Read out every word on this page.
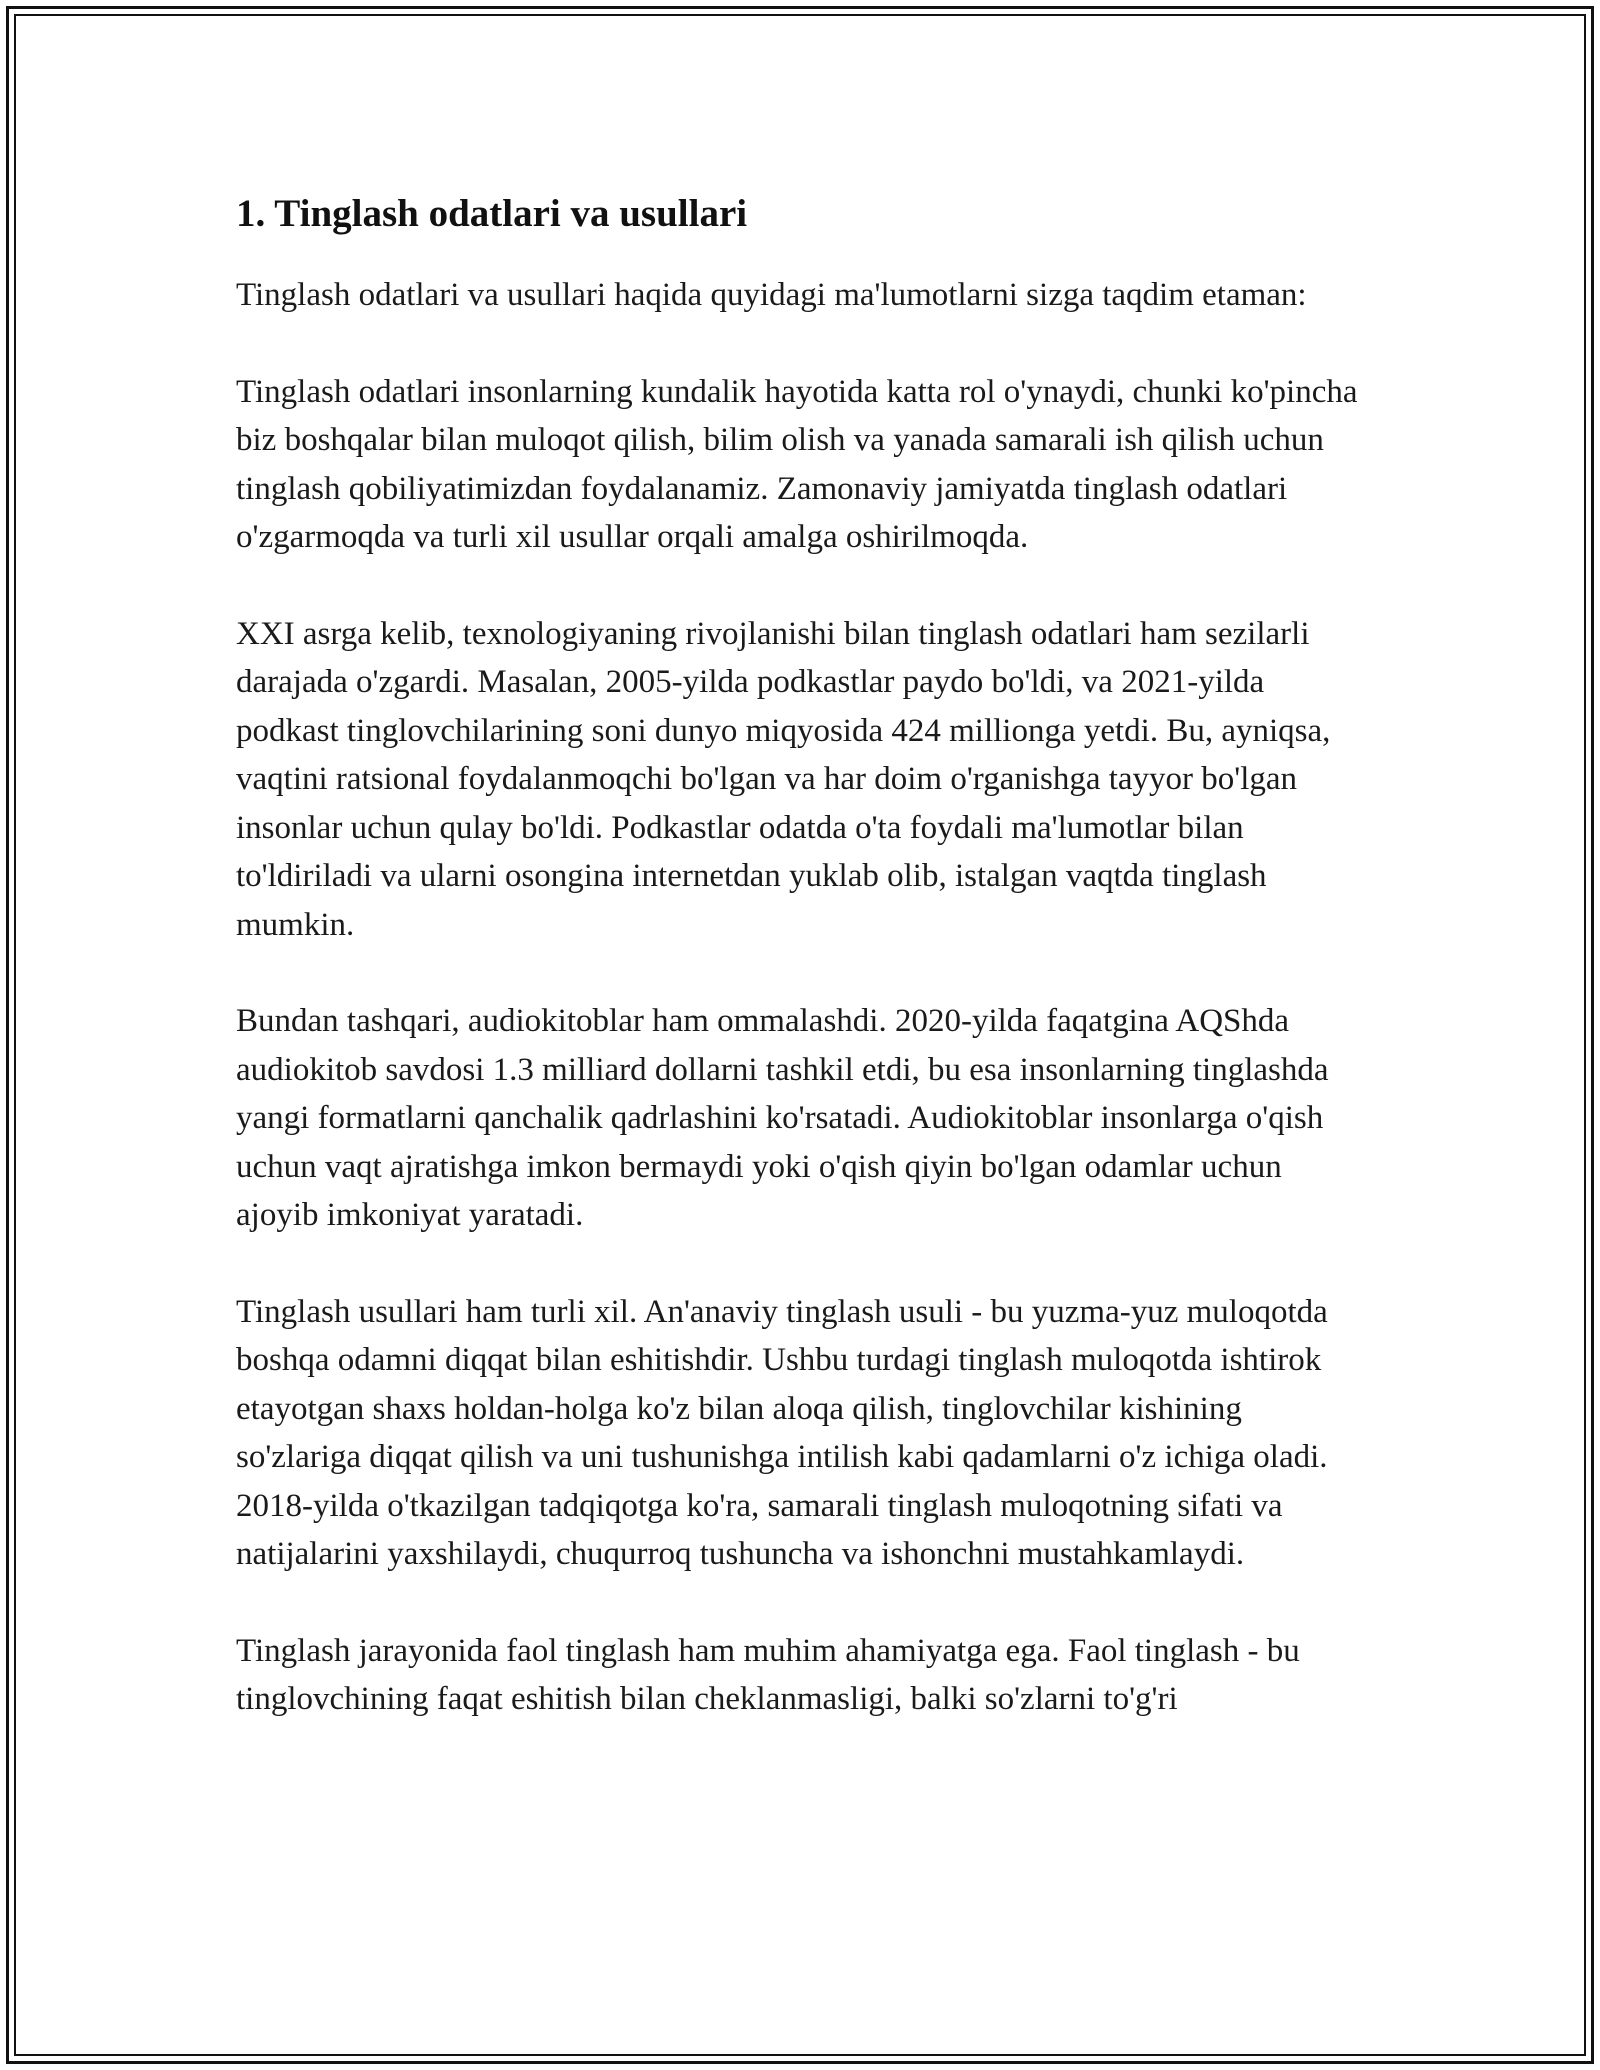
1. Tinglash odatlari va usullari

Tinglash odatlari va usullari haqida quyidagi ma'lumotlarni sizga taqdim etaman:

Tinglash odatlari insonlarning kundalik hayotida katta rol o'ynaydi, chunki ko'pincha biz boshqalar bilan muloqot qilish, bilim olish va yanada samarali ish qilish uchun tinglash qobiliyatimizdan foydalanamiz. Zamonaviy jamiyatda tinglash odatlari o'zgarmoqda va turli xil usullar orqali amalga oshirilmoqda.

XXI asrga kelib, texnologiyaning rivojlanishi bilan tinglash odatlari ham sezilarli darajada o'zgardi. Masalan, 2005-yilda podkastlar paydo bo'ldi, va 2021-yilda podkast tinglovchilarining soni dunyo miqyosida 424 millionga yetdi. Bu, ayniqsa, vaqtini ratsional foydalanmoqchi bo'lgan va har doim o'rganishga tayyor bo'lgan insonlar uchun qulay bo'ldi. Podkastlar odatda o'ta foydali ma'lumotlar bilan to'ldiriladi va ularni osongina internetdan yuklab olib, istalgan vaqtda tinglash mumkin.

Bundan tashqari, audiokitoblar ham ommalashdi. 2020-yilda faqatgina AQShda audiokitob savdosi 1.3 milliard dollarni tashkil etdi, bu esa insonlarning tinglashda yangi formatlarni qanchalik qadrlashini ko'rsatadi. Audiokitoblar insonlarga o'qish uchun vaqt ajratishga imkon bermaydi yoki o'qish qiyin bo'lgan odamlar uchun ajoyib imkoniyat yaratadi.

Tinglash usullari ham turli xil. An'anaviy tinglash usuli - bu yuzma-yuz muloqotda boshqa odamni diqqat bilan eshitishdir. Ushbu turdagi tinglash muloqotda ishtirok etayotgan shaxs holdan-holga ko'z bilan aloqa qilish, tinglovchilar kishining so'zlariga diqqat qilish va uni tushunishga intilish kabi qadamlarni o'z ichiga oladi. 2018-yilda o'tkazilgan tadqiqotga ko'ra, samarali tinglash muloqotning sifati va natijalarini yaxshilaydi, chuqurroq tushuncha va ishonchni mustahkamlaydi.

Tinglash jarayonida faol tinglash ham muhim ahamiyatga ega. Faol tinglash - bu tinglovchining faqat eshitish bilan cheklanmasligi, balki so'zlarni to'g'ri
